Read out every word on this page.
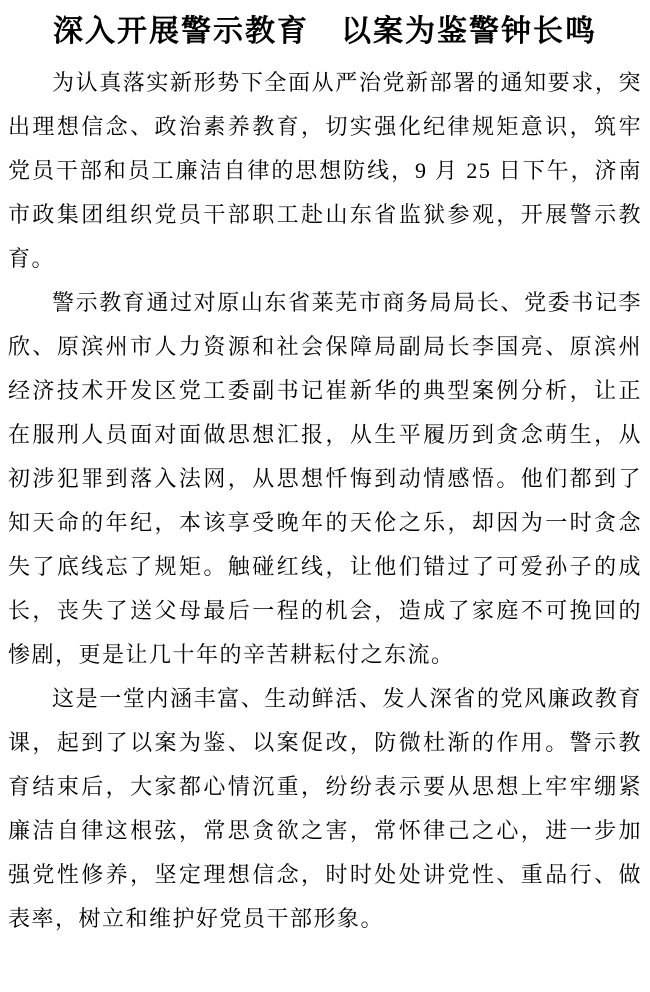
深入开展警示教育　以案为鉴警钟长鸣

为认真落实新形势下全面从严治党新部署的通知要求，突出理想信念、政治素养教育，切实强化纪律规矩意识，筑牢党员干部和员工廉洁自律的思想防线，9 月 25 日下午，济南市政集团组织党员干部职工赴山东省监狱参观，开展警示教育。

警示教育通过对原山东省莱芜市商务局局长、党委书记李欣、原滨州市人力资源和社会保障局副局长李国亮、原滨州经济技术开发区党工委副书记崔新华的典型案例分析，让正在服刑人员面对面做思想汇报，从生平履历到贪念萌生，从初涉犯罪到落入法网，从思想忏悔到动情感悟。他们都到了知天命的年纪，本该享受晚年的天伦之乐，却因为一时贪念失了底线忘了规矩。触碰红线，让他们错过了可爱孙子的成长，丧失了送父母最后一程的机会，造成了家庭不可挽回的惨剧，更是让几十年的辛苦耕耘付之东流。

这是一堂内涵丰富、生动鲜活、发人深省的党风廉政教育课，起到了以案为鉴、以案促改，防微杜渐的作用。警示教育结束后，大家都心情沉重，纷纷表示要从思想上牢牢绷紧廉洁自律这根弦，常思贪欲之害，常怀律己之心，进一步加强党性修养，坚定理想信念，时时处处讲党性、重品行、做表率，树立和维护好党员干部形象。
